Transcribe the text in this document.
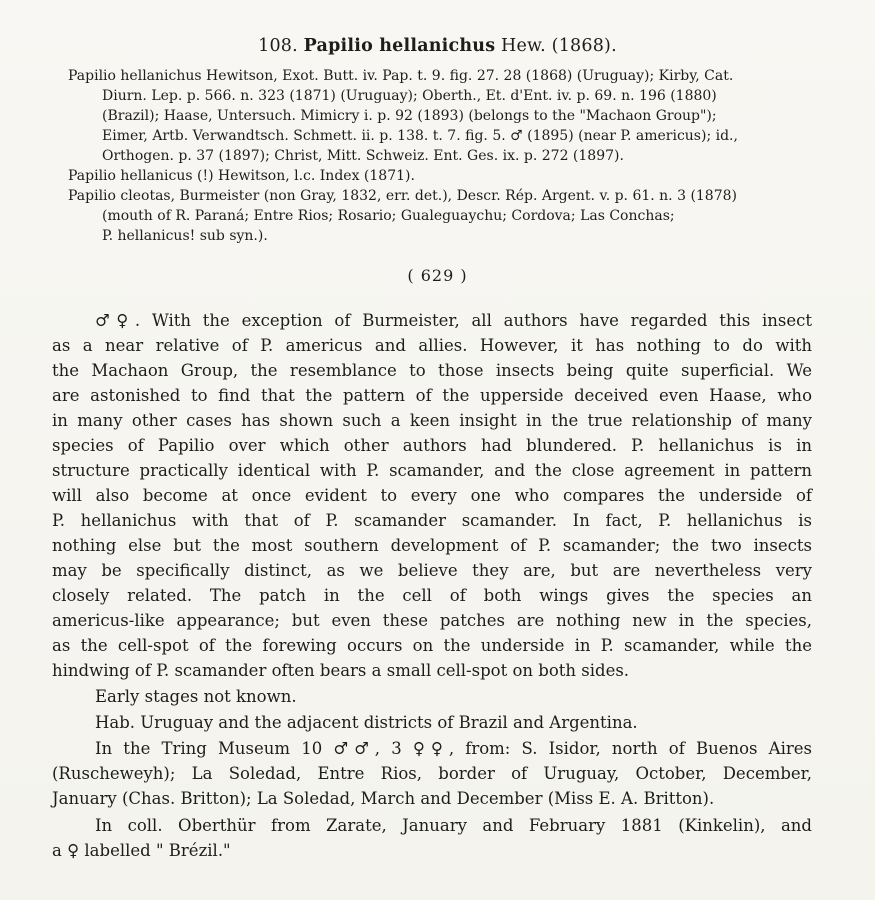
108. Papilio hellanichus Hew. (1868).
Papilio hellanichus Hewitson, Exot. Butt. iv. Pap. t. 9. fig. 27. 28 (1868) (Uruguay); Kirby, Cat.
Diurn. Lep. p. 566. n. 323 (1871) (Uruguay); Oberth., Et. d'Ent. iv. p. 69. n. 196 (1880)
(Brazil); Haase, Untersuch. Mimicry i. p. 92 (1893) (belongs to the "Machaon Group");
Eimer, Artb. Verwandtsch. Schmett. ii. p. 138. t. 7. fig. 5. ♂ (1895) (near P. americus); id.,
Orthogen. p. 37 (1897); Christ, Mitt. Schweiz. Ent. Ges. ix. p. 272 (1897).
Papilio hellanicus (!) Hewitson, l.c. Index (1871).
Papilio cleotas, Burmeister (non Gray, 1832, err. det.), Descr. Rép. Argent. v. p. 61. n. 3 (1878)
(mouth of R. Paraná; Entre Rios; Rosario; Gualeguaychu; Cordova; Las Conchas;
P. hellanicus! sub syn.).
( 629 )
♂♀. With the exception of Burmeister, all authors have regarded this insect
as a near relative of P. americus and allies. However, it has nothing to do with
the Machaon Group, the resemblance to those insects being quite superficial. We
are astonished to find that the pattern of the upperside deceived even Haase, who
in many other cases has shown such a keen insight in the true relationship of many
species of Papilio over which other authors had blundered. P. hellanichus is in
structure practically identical with P. scamander, and the close agreement in pattern
will also become at once evident to every one who compares the underside of
P. hellanichus with that of P. scamander scamander. In fact, P. hellanichus is
nothing else but the most southern development of P. scamander; the two insects
may be specifically distinct, as we believe they are, but are nevertheless very
closely related. The patch in the cell of both wings gives the species an
americus-like appearance; but even these patches are nothing new in the species,
as the cell-spot of the forewing occurs on the underside in P. scamander, while the
hindwing of P. scamander often bears a small cell-spot on both sides.
Early stages not known.
Hab. Uruguay and the adjacent districts of Brazil and Argentina.
In the Tring Museum 10 ♂♂, 3 ♀♀, from: S. Isidor, north of Buenos Aires
(Ruscheweyh); La Soledad, Entre Rios, border of Uruguay, October, December,
January (Chas. Britton); La Soledad, March and December (Miss E. A. Britton).
In coll. Oberthür from Zarate, January and February 1881 (Kinkelin), and
a ♀ labelled " Brézil."
